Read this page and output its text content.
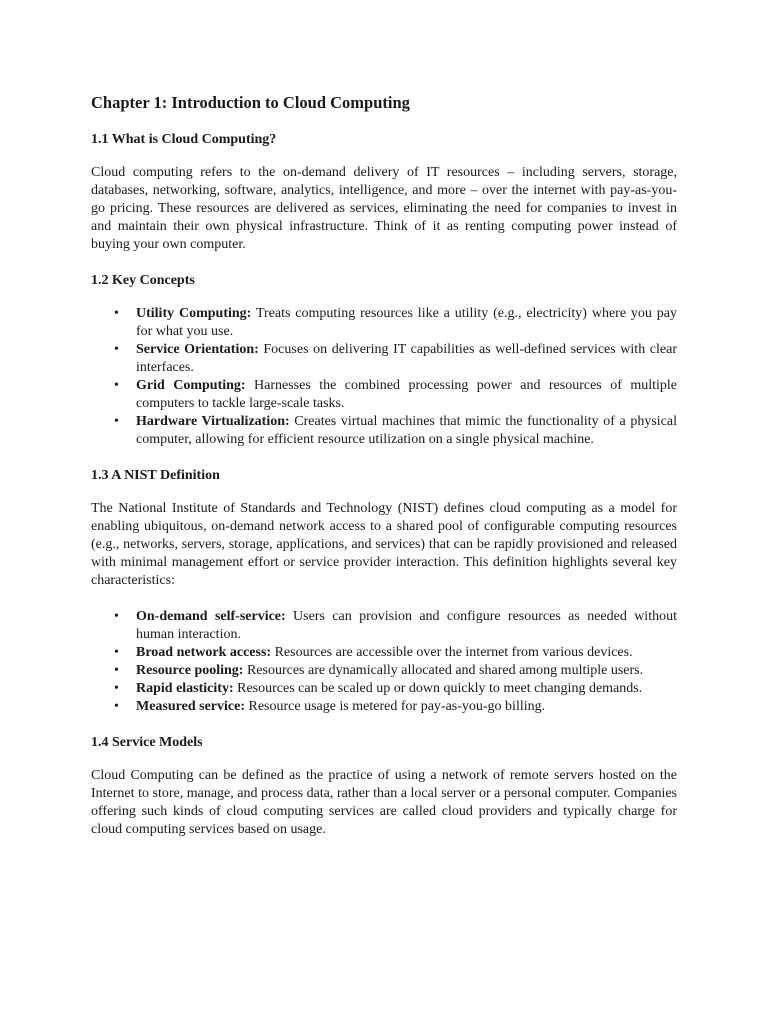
Chapter 1: Introduction to Cloud Computing
1.1 What is Cloud Computing?

Cloud computing refers to the on-demand delivery of IT resources – including servers, storage, databases, networking, software, analytics, intelligence, and more – over the internet with pay-as-you-go pricing. These resources are delivered as services, eliminating the need for companies to invest in and maintain their own physical infrastructure. Think of it as renting computing power instead of buying your own computer.

1.2 Key Concepts
• Utility Computing: Treats computing resources like a utility (e.g., electricity) where you pay for what you use.
• Service Orientation: Focuses on delivering IT capabilities as well-defined services with clear interfaces.
• Grid Computing: Harnesses the combined processing power and resources of multiple computers to tackle large-scale tasks.
• Hardware Virtualization: Creates virtual machines that mimic the functionality of a physical computer, allowing for efficient resource utilization on a single physical machine.
1.3 A NIST Definition

The National Institute of Standards and Technology (NIST) defines cloud computing as a model for enabling ubiquitous, on-demand network access to a shared pool of configurable computing resources (e.g., networks, servers, storage, applications, and services) that can be rapidly provisioned and released with minimal management effort or service provider interaction. This definition highlights several key characteristics:

• On-demand self-service: Users can provision and configure resources as needed without human interaction.
• Broad network access: Resources are accessible over the internet from various devices.
• Resource pooling: Resources are dynamically allocated and shared among multiple users.
• Rapid elasticity: Resources can be scaled up or down quickly to meet changing demands.
• Measured service: Resource usage is metered for pay-as-you-go billing.
1.4 Service Models

Cloud Computing can be defined as the practice of using a network of remote servers hosted on the Internet to store, manage, and process data, rather than a local server or a personal computer. Companies offering such kinds of cloud computing services are called cloud providers and typically charge for cloud computing services based on usage.
